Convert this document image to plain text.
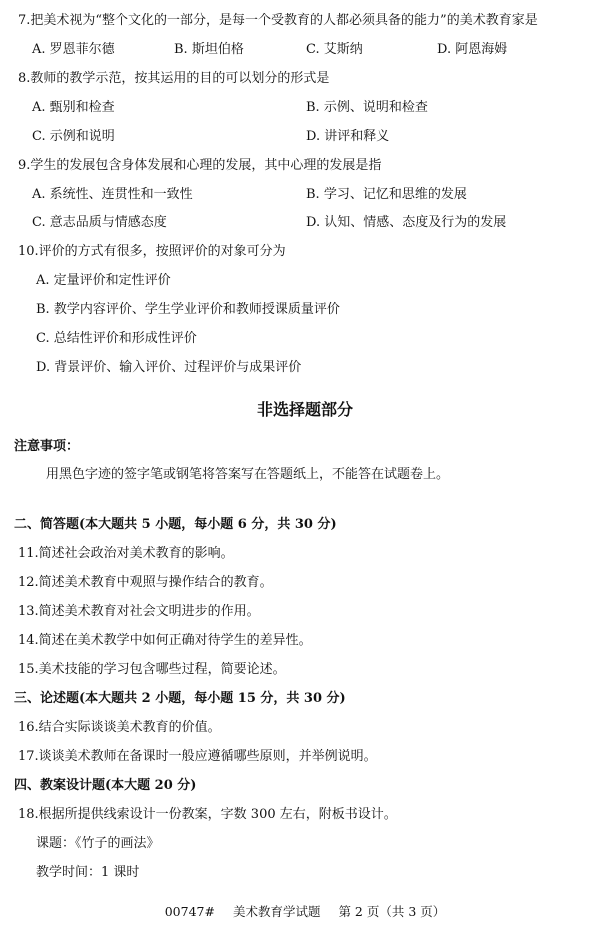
7.把美术视为“整个文化的一部分，是每一个受教育的人都必须具备的能力”的美术教育家是
A. 罗恩菲尔德	B. 斯坦伯格	C. 艾斯纳	D. 阿恩海姆
8.教师的教学示范，按其运用的目的可以划分的形式是
A. 甄别和检查	B. 示例、说明和检查
C. 示例和说明	D. 讲评和释义
9.学生的发展包含身体发展和心理的发展，其中心理的发展是指
A. 系统性、连贯性和一致性	B. 学习、记忆和思维的发展
C. 意志品质与情感态度	D. 认知、情感、态度及行为的发展
10.评价的方式有很多，按照评价的对象可分为
A. 定量评价和定性评价
B. 教学内容评价、学生学业评价和教师授课质量评价
C. 总结性评价和形成性评价
D. 背景评价、输入评价、过程评价与成果评价
非选择题部分
注意事项：
用黑色字迹的签字笔或钢笔将答案写在答题纸上，不能答在试题卷上。
二、简答题(本大题共 5 小题，每小题 6 分，共 30 分)
11.简述社会政治对美术教育的影响。
12.简述美术教育中观照与操作结合的教育。
13.简述美术教育对社会文明进步的作用。
14.简述在美术教学中如何正确对待学生的差异性。
15.美术技能的学习包含哪些过程，简要论述。
三、论述题(本大题共 2 小题，每小题 15 分，共 30 分)
16.结合实际谈谈美术教育的价值。
17.谈谈美术教师在备课时一般应遵循哪些原则，并举例说明。
四、教案设计题(本大题 20 分)
18.根据所提供线索设计一份教案，字数 300 左右，附板书设计。
课题：《竹子的画法》
教学时间：1 课时
00747# 美术教育学试题 第 2 页（共 3 页）
